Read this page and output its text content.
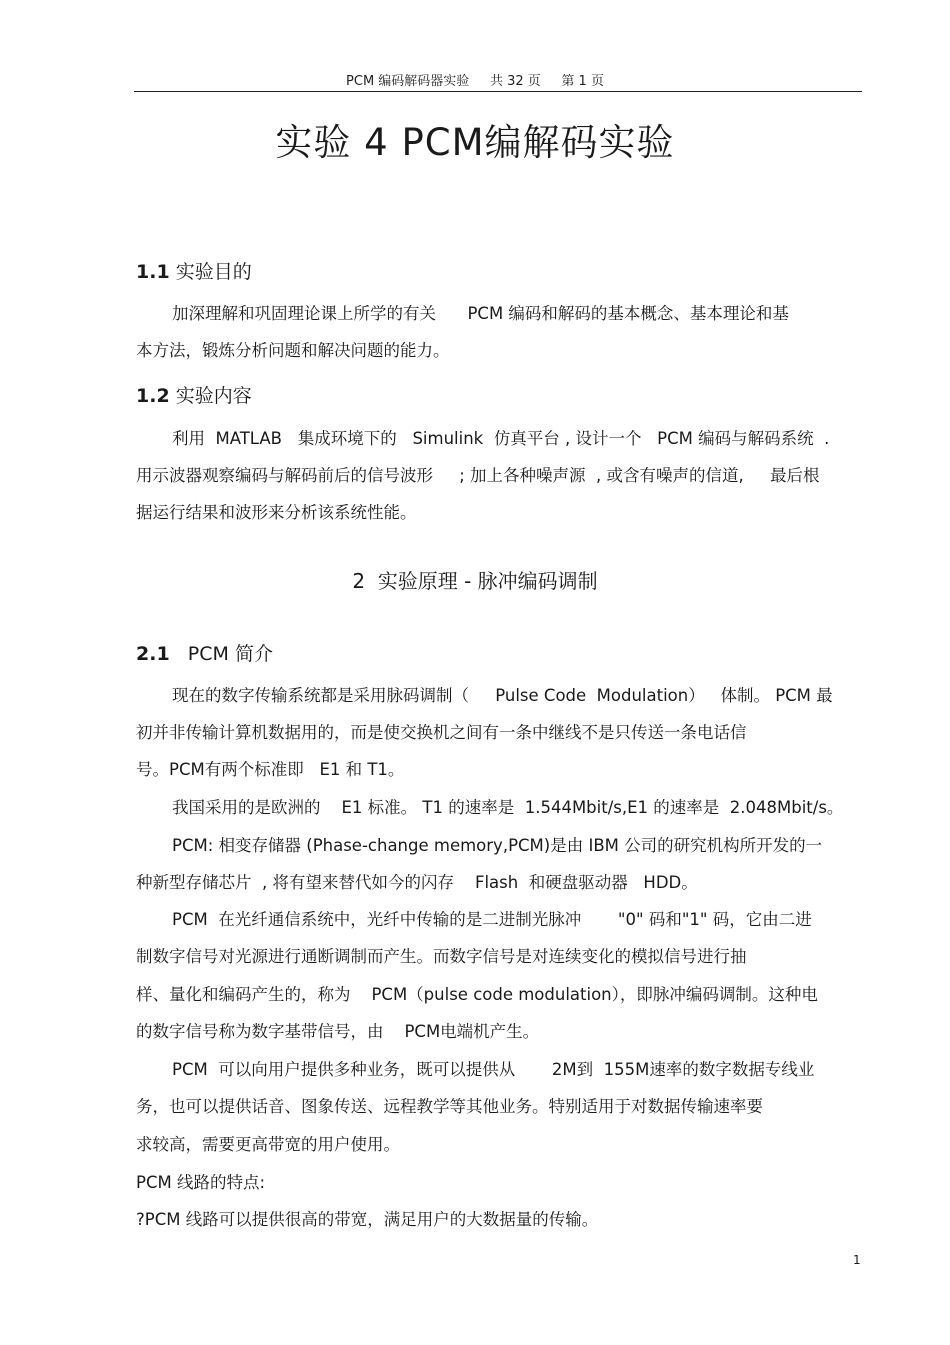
PCM 编码解码器实验     共 32 页     第 1 页
实验 4 PCM编解码实验
1.1 实验目的
加深理解和巩固理论课上所学的有关      PCM 编码和解码的基本概念、基本理论和基
本方法，锻炼分析问题和解决问题的能力。
1.2 实验内容
利用  MATLAB   集成环境下的   Simulink  仿真平台 , 设计一个   PCM 编码与解码系统  .
用示波器观察编码与解码前后的信号波形     ; 加上各种噪声源  , 或含有噪声的信道,     最后根
据运行结果和波形来分析该系统性能。
2  实验原理 - 脉冲编码调制
2.1 PCM 简介
现在的数字传输系统都是采用脉码调制（     Pulse Code  Modulation）   体制。 PCM 最
初并非传输计算机数据用的，而是使交换机之间有一条中继线不是只传送一条电话信
号。PCM有两个标准即   E1 和 T1。
我国采用的是欧洲的    E1 标准。 T1 的速率是  1.544Mbit/s,E1 的速率是  2.048Mbit/s。
PCM: 相变存储器 (Phase-change memory,PCM)是由 IBM 公司的研究机构所开发的一
种新型存储芯片  , 将有望来替代如今的闪存    Flash  和硬盘驱动器   HDD。
PCM  在光纤通信系统中，光纤中传输的是二进制光脉冲       "0" 码和"1" 码，它由二进
制数字信号对光源进行通断调制而产生。而数字信号是对连续变化的模拟信号进行抽
样、量化和编码产生的，称为    PCM（pulse code modulation），即脉冲编码调制。这种电
的数字信号称为数字基带信号，由    PCM电端机产生。
PCM  可以向用户提供多种业务，既可以提供从       2M到  155M速率的数字数据专线业
务，也可以提供话音、图象传送、远程教学等其他业务。特别适用于对数据传输速率要
求较高，需要更高带宽的用户使用。
PCM 线路的特点:
?PCM 线路可以提供很高的带宽，满足用户的大数据量的传输。
1
